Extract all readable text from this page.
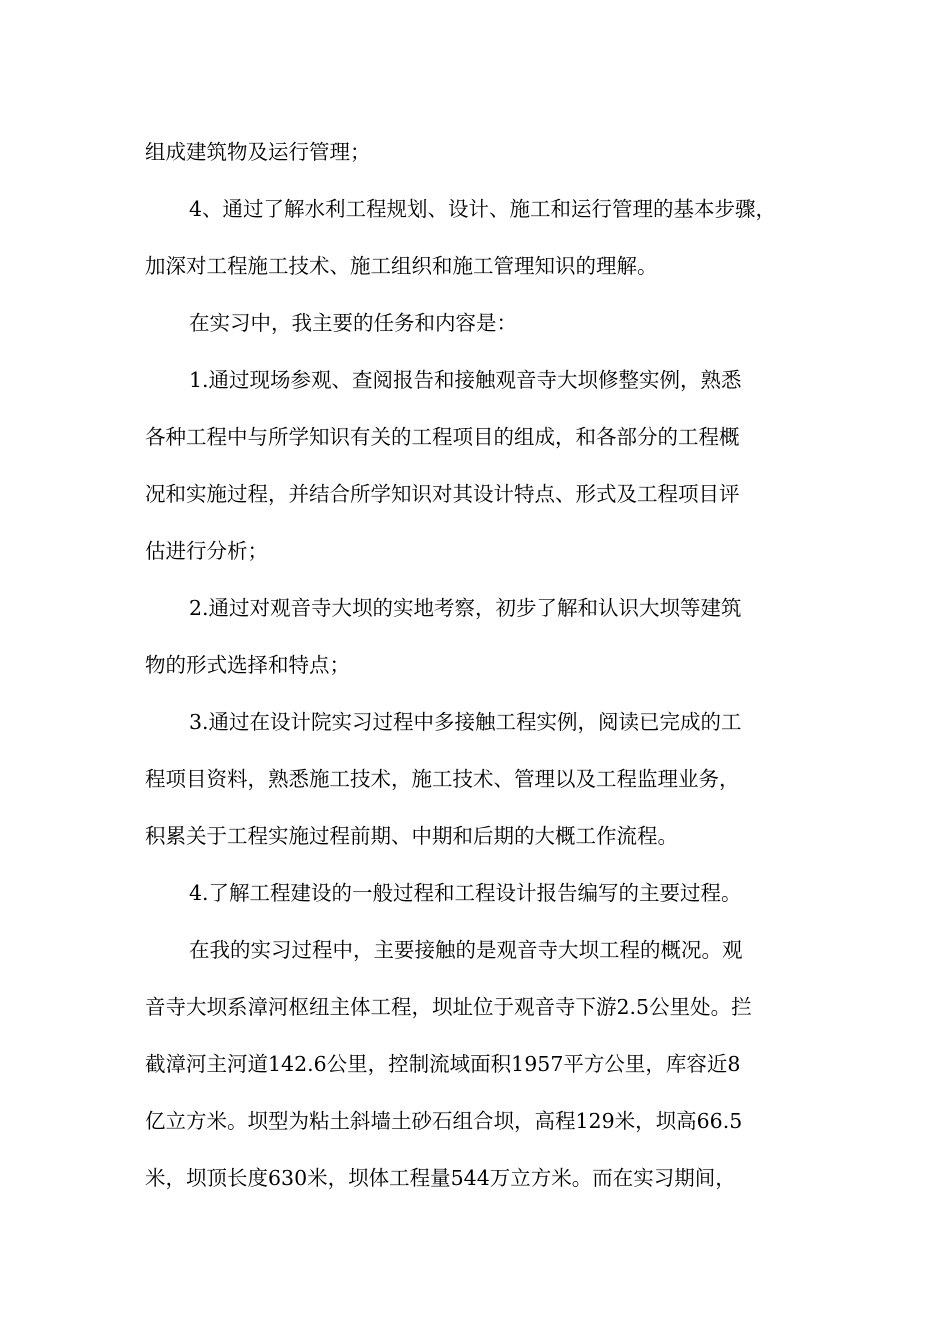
组成建筑物及运行管理；
4、通过了解水利工程规划、设计、施工和运行管理的基本步骤，
加深对工程施工技术、施工组织和施工管理知识的理解。
在实习中，我主要的任务和内容是：
1.通过现场参观、查阅报告和接触观音寺大坝修整实例，熟悉
各种工程中与所学知识有关的工程项目的组成，和各部分的工程概
况和实施过程，并结合所学知识对其设计特点、形式及工程项目评
估进行分析；
2.通过对观音寺大坝的实地考察，初步了解和认识大坝等建筑
物的形式选择和特点；
3.通过在设计院实习过程中多接触工程实例，阅读已完成的工
程项目资料，熟悉施工技术，施工技术、管理以及工程监理业务，
积累关于工程实施过程前期、中期和后期的大概工作流程。
4.了解工程建设的一般过程和工程设计报告编写的主要过程。
在我的实习过程中，主要接触的是观音寺大坝工程的概况。观
音寺大坝系漳河枢纽主体工程，坝址位于观音寺下游2.5公里处。拦
截漳河主河道142.6公里，控制流域面积1957平方公里，库容近8
亿立方米。坝型为粘土斜墙土砂石组合坝，高程129米，坝高66.5
米，坝顶长度630米，坝体工程量544万立方米。而在实习期间，
